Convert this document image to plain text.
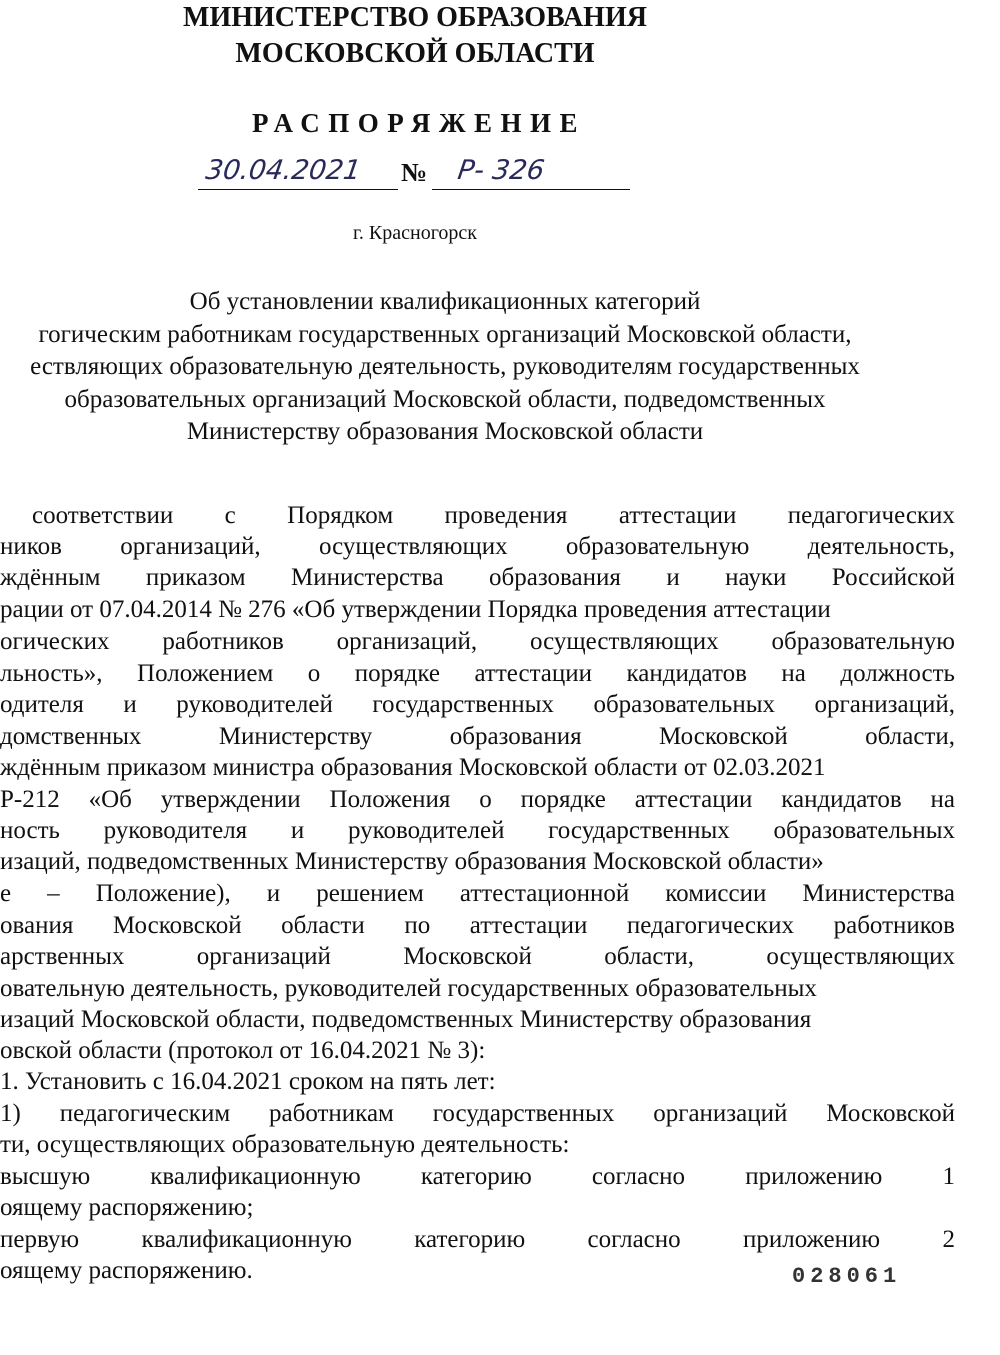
МИНИСТЕРСТВО ОБРАЗОВАНИЯ
МОСКОВСКОЙ ОБЛАСТИ
РАСПОРЯЖЕНИЕ
30.04.2021 № Р- 326
г. Красногорск
Об установлении квалификационных категорий
гогическим работникам государственных организаций Московской области,
ествляющих образовательную деятельность, руководителям государственных
образовательных организаций Московской области, подведомственных
Министерству образования Московской области
соответствии с Порядком проведения аттестации педагогических
ников организаций, осуществляющих образовательную деятельность,
ждённым приказом Министерства образования и науки Российской
рации от 07.04.2014 № 276 «Об утверждении Порядка проведения аттестации
огических работников организаций, осуществляющих образовательную
льность», Положением о порядке аттестации кандидатов на должность
одителя и руководителей государственных образовательных организаций,
домственных	Министерству	образования	Московской	области,
ждённым приказом министра образования Московской области от 02.03.2021
Р-212 «Об утверждении Положения о порядке аттестации кандидатов на
ность руководителя и руководителей государственных образовательных
изаций, подведомственных Министерству образования Московской области»
е – Положение), и решением аттестационной комиссии Министерства
ования Московской области по аттестации педагогических работников
арственных	организаций	Московской	области,	осуществляющих
овательную деятельность, руководителей государственных образовательных
изаций Московской области, подведомственных Министерству образования
овской области (протокол от 16.04.2021 № 3):
1. Установить с 16.04.2021 сроком на пять лет:
1) педагогическим работникам государственных организаций Московской
ти, осуществляющих образовательную деятельность:
высшую квалификационную категорию согласно приложению 1
оящему распоряжению;
первую квалификационную категорию согласно приложению 2
оящему распоряжению.	028061
